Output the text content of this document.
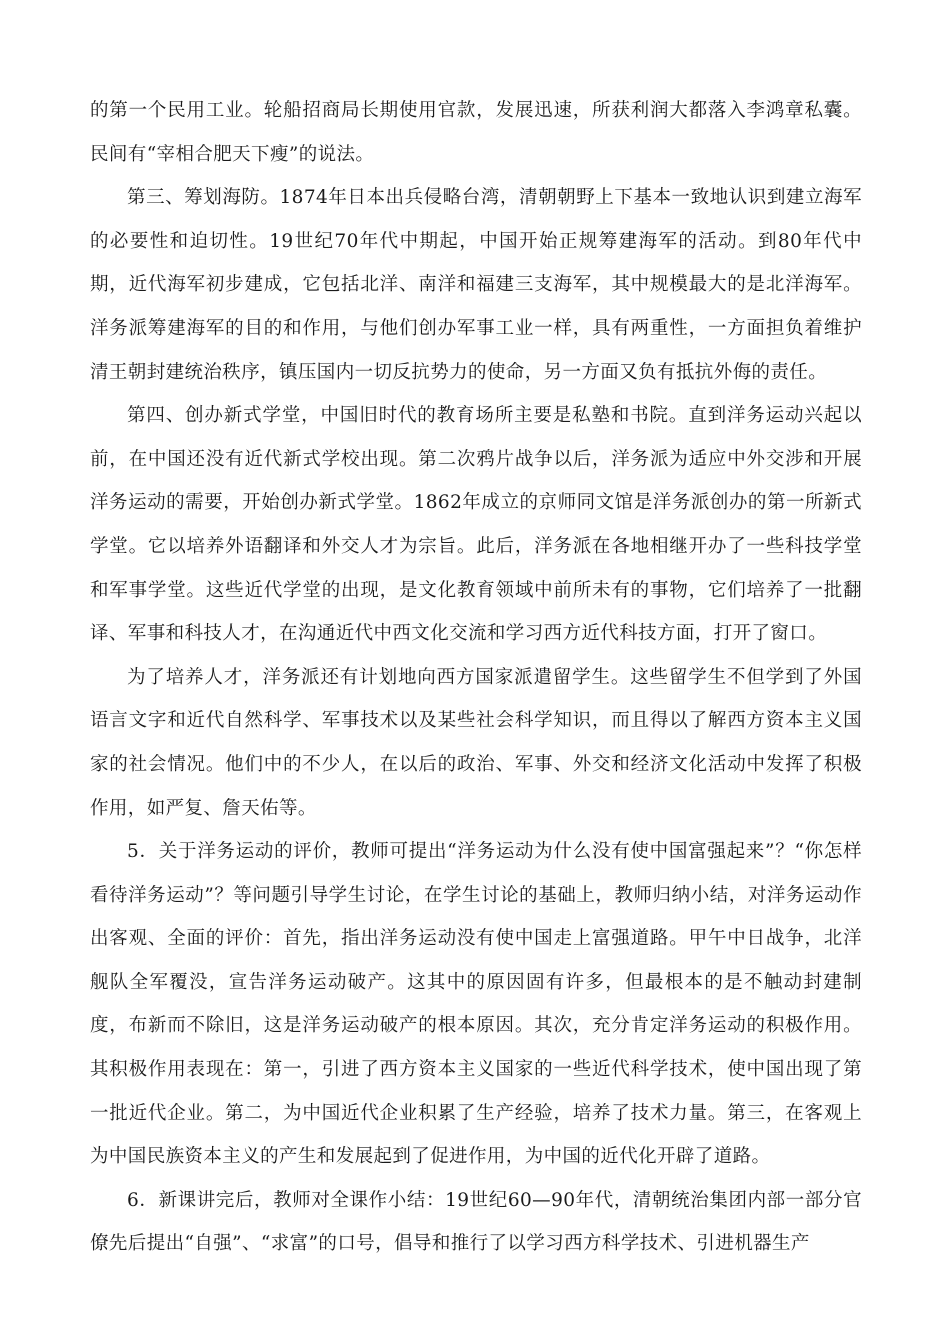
的第一个民用工业。轮船招商局长期使用官款，发展迅速，所获利润大都落入李鸿章私囊。民间有“宰相合肥天下瘦”的说法。

第三、筹划海防。1874年日本出兵侵略台湾，清朝朝野上下基本一致地认识到建立海军的必要性和迫切性。19世纪70年代中期起，中国开始正规筹建海军的活动。到80年代中期，近代海军初步建成，它包括北洋、南洋和福建三支海军，其中规模最大的是北洋海军。洋务派筹建海军的目的和作用，与他们创办军事工业一样，具有两重性，一方面担负着维护清王朝封建统治秩序，镇压国内一切反抗势力的使命，另一方面又负有抵抗外侮的责任。

第四、创办新式学堂，中国旧时代的教育场所主要是私塾和书院。直到洋务运动兴起以前，在中国还没有近代新式学校出现。第二次鸦片战争以后，洋务派为适应中外交涉和开展洋务运动的需要，开始创办新式学堂。1862年成立的京师同文馆是洋务派创办的第一所新式学堂。它以培养外语翻译和外交人才为宗旨。此后，洋务派在各地相继开办了一些科技学堂和军事学堂。这些近代学堂的出现，是文化教育领域中前所未有的事物，它们培养了一批翻译、军事和科技人才，在沟通近代中西文化交流和学习西方近代科技方面，打开了窗口。

为了培养人才，洋务派还有计划地向西方国家派遣留学生。这些留学生不但学到了外国语言文字和近代自然科学、军事技术以及某些社会科学知识，而且得以了解西方资本主义国家的社会情况。他们中的不少人，在以后的政治、军事、外交和经济文化活动中发挥了积极作用，如严复、詹天佑等。

5．关于洋务运动的评价，教师可提出“洋务运动为什么没有使中国富强起来”？“你怎样看待洋务运动”？等问题引导学生讨论，在学生讨论的基础上，教师归纳小结，对洋务运动作出客观、全面的评价：首先，指出洋务运动没有使中国走上富强道路。甲午中日战争，北洋舰队全军覆没，宣告洋务运动破产。这其中的原因固有许多，但最根本的是不触动封建制度，布新而不除旧，这是洋务运动破产的根本原因。其次，充分肯定洋务运动的积极作用。其积极作用表现在：第一，引进了西方资本主义国家的一些近代科学技术，使中国出现了第一批近代企业。第二，为中国近代企业积累了生产经验，培养了技术力量。第三，在客观上为中国民族资本主义的产生和发展起到了促进作用，为中国的近代化开辟了道路。

6．新课讲完后，教师对全课作小结：19世纪60—90年代，清朝统治集团内部一部分官僚先后提出“自强”、“求富”的口号，倡导和推行了以学习西方科学技术、引进机器生产
